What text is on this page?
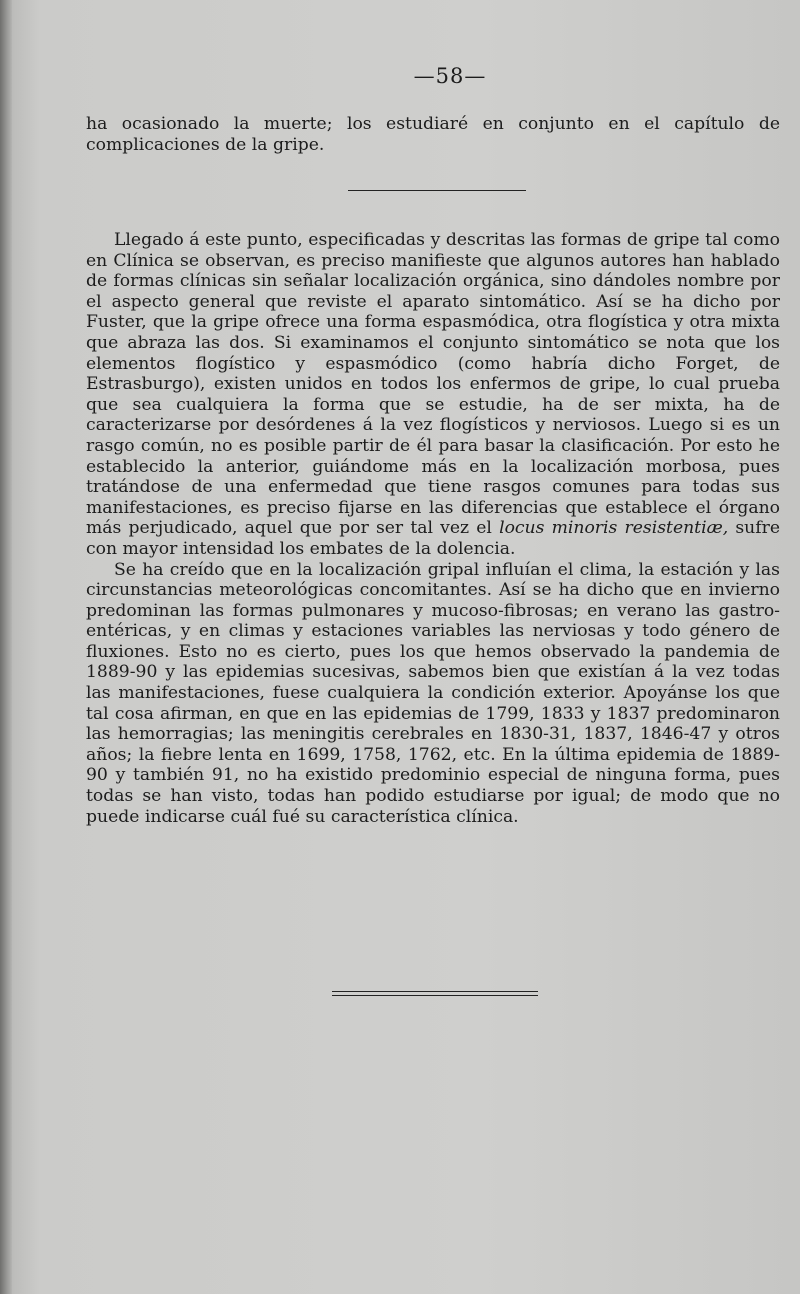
—58—

ha ocasionado la muerte; los estudiaré en conjunto en el capítulo de complicaciones de la gripe.

Llegado á este punto, especificadas y descritas las formas de gripe tal como en Clínica se observan, es preciso manifieste que algunos autores han hablado de formas clínicas sin señalar localización orgánica, sino dándoles nombre por el aspecto general que reviste el aparato sintomático. Así se ha dicho por Fuster, que la gripe ofrece una forma espasmódica, otra flogística y otra mixta que abraza las dos. Si examinamos el conjunto sintomático se nota que los elementos flogístico y espasmódico (como habría dicho Forget, de Estrasburgo), existen unidos en todos los enfermos de gripe, lo cual prueba que sea cualquiera la forma que se estudie, ha de ser mixta, ha de caracterizarse por desórdenes á la vez flogísticos y nerviosos. Luego si es un rasgo común, no es posible partir de él para basar la clasificación. Por esto he establecido la anterior, guiándome más en la localización morbosa, pues tratándose de una enfermedad que tiene rasgos comunes para todas sus manifestaciones, es preciso fijarse en las diferencias que establece el órgano más perjudicado, aquel que por ser tal vez el locus minoris resistentiæ, sufre con mayor intensidad los embates de la dolencia.

Se ha creído que en la localización gripal influían el clima, la estación y las circunstancias meteorológicas concomitantes. Así se ha dicho que en invierno predominan las formas pulmonares y mucoso-fibrosas; en verano las gastro-entéricas, y en climas y estaciones variables las nerviosas y todo género de fluxiones. Esto no es cierto, pues los que hemos observado la pandemia de 1889-90 y las epidemias sucesivas, sabemos bien que existían á la vez todas las manifestaciones, fuese cualquiera la condición exterior. Apoyánse los que tal cosa afirman, en que en las epidemias de 1799, 1833 y 1837 predominaron las hemorragias; las meningitis cerebrales en 1830-31, 1837, 1846-47 y otros años; la fiebre lenta en 1699, 1758, 1762, etc. En la última epidemia de 1889-90 y también 91, no ha existido predominio especial de ninguna forma, pues todas se han visto, todas han podido estudiarse por igual; de modo que no puede indicarse cuál fué su característica clínica.
